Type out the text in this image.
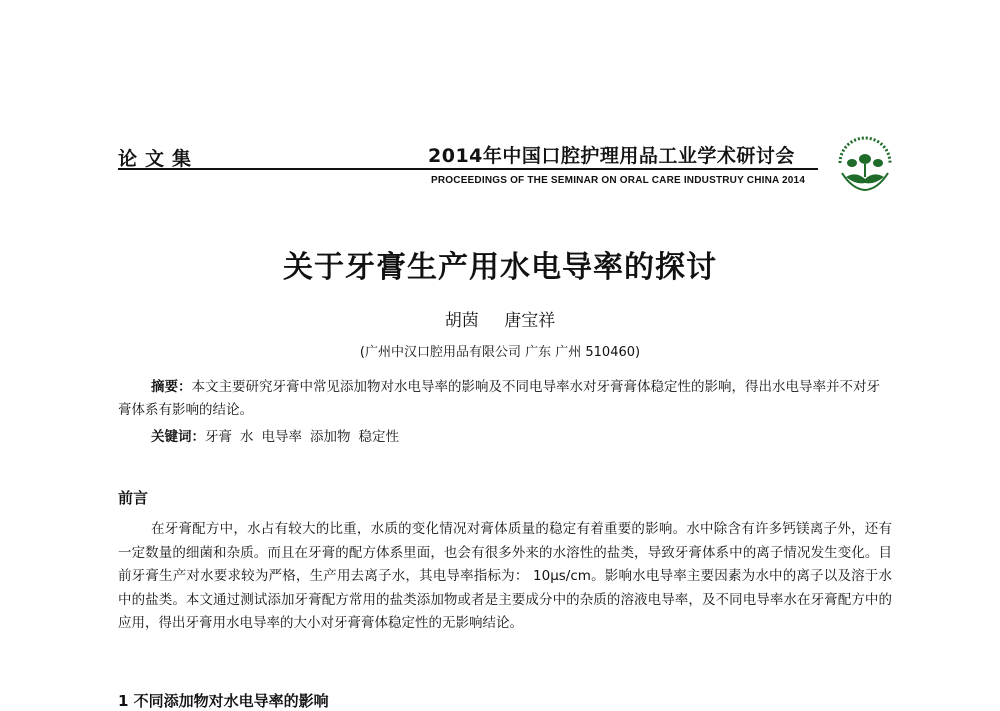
论文集	2014年中国口腔护理用品工业学术研讨会
PROCEEDINGS OF THE SEMINAR ON ORAL CARE INDUSTRUY CHINA 2014
关于牙膏生产用水电导率的探讨
胡茵 唐宝祥
(广州中汉口腔用品有限公司 广东 广州 510460)

摘要：本文主要研究牙膏中常见添加物对水电导率的影响及不同电导率水对牙膏膏体稳定性的影响，得出水电导率并不对牙膏体系有影响的结论。

关键词：牙膏 水 电导率 添加物 稳定性
前言

在牙膏配方中，水占有较大的比重，水质的变化情况对膏体质量的稳定有着重要的影响。水中除含有许多钙镁离子外，还有一定数量的细菌和杂质。而且在牙膏的配方体系里面，也会有很多外来的水溶性的盐类，导致牙膏体系中的离子情况发生变化。目前牙膏生产对水要求较为严格，生产用去离子水，其电导率指标为： 10μs/cm。影响水电导率主要因素为水中的离子以及溶于水中的盐类。本文通过测试添加牙膏配方常用的盐类添加物或者是主要成分中的杂质的溶液电导率，及不同电导率水在牙膏配方中的应用，得出牙膏用水电导率的大小对牙膏膏体稳定性的无影响结论。

1 不同添加物对水电导率的影响
